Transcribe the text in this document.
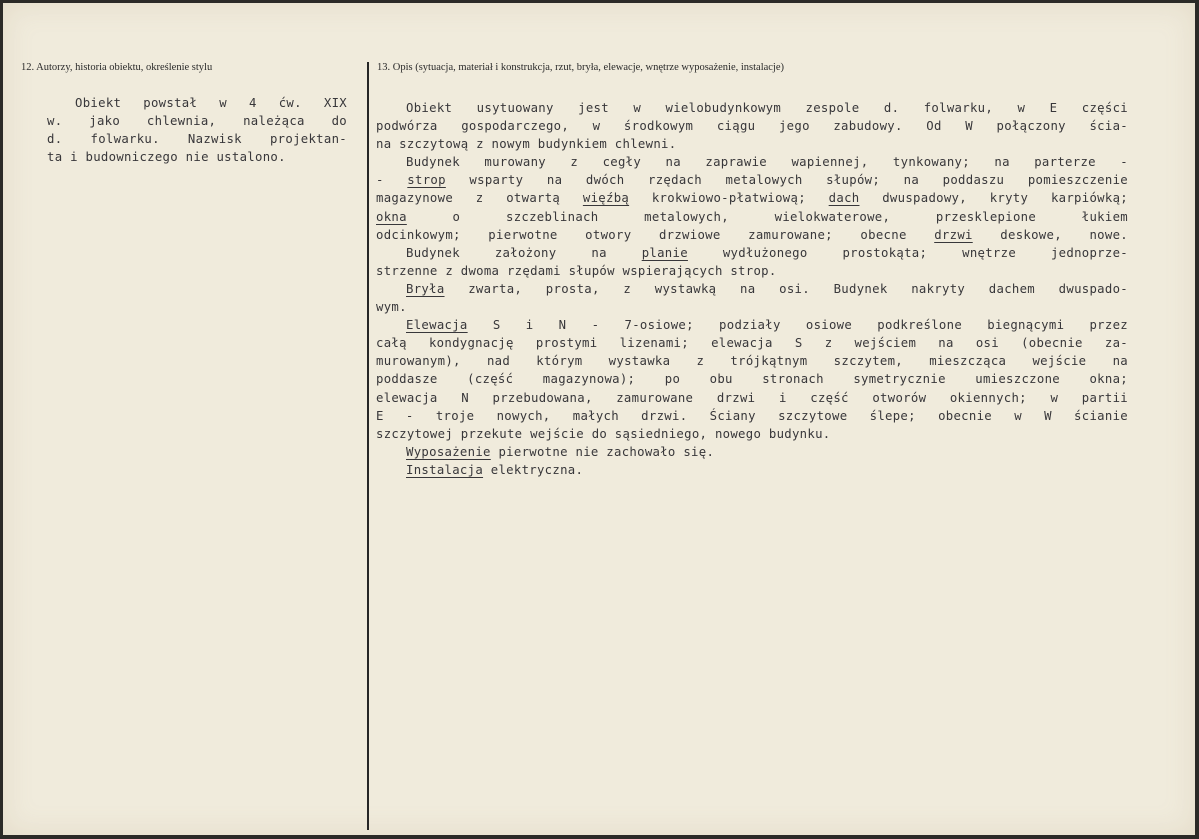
12. Autorzy, historia obiektu, określenie stylu	13. Opis (sytuacja, materiał i konstrukcja, rzut, bryła, elewacje, wnętrze wyposażenie, instalacje)
Obiekt powstał w 4 ćw. XIX
w. jako chlewnia, należąca do
d. folwarku. Nazwisk projektan-
ta i budowniczego nie ustalono.
Obiekt usytuowany jest w wielobudynkowym zespole d. folwarku, w E części
podwórza gospodarczego, w środkowym ciągu jego zabudowy. Od W połączony ścia-
na szczytową z nowym budynkiem chlewni.
Budynek murowany z cegły na zaprawie wapiennej, tynkowany; na parterze -
- strop wsparty na dwóch rzędach metalowych słupów; na poddaszu pomieszczenie
magazynowe z otwartą więźbą krokwiowo-płatwiową; dach dwuspadowy, kryty karpiówką;
okna o szczeblinach metalowych, wielokwaterowe, przesklepione łukiem
odcinkowym; pierwotne otwory drzwiowe zamurowane; obecne drzwi deskowe, nowe.
Budynek założony na planie wydłużonego prostokąta; wnętrze jednoprze-
strzenne z dwoma rzędami słupów wspierających strop.
Bryła zwarta, prosta, z wystawką na osi. Budynek nakryty dachem dwuspado-
wym.
Elewacja S i N - 7-osiowe; podziały osiowe podkreślone biegnącymi przez
całą kondygnację prostymi lizenami; elewacja S z wejściem na osi (obecnie za-
murowanym), nad którym wystawka z trójkątnym szczytem, mieszcząca wejście na
poddasze (część magazynowa); po obu stronach symetrycznie umieszczone okna;
elewacja N przebudowana, zamurowane drzwi i część otworów okiennych; w partii
E - troje nowych, małych drzwi. Ściany szczytowe ślepe; obecnie w W ścianie
szczytowej przekute wejście do sąsiedniego, nowego budynku.
Wyposażenie pierwotne nie zachowało się.
Instalacja elektryczna.
